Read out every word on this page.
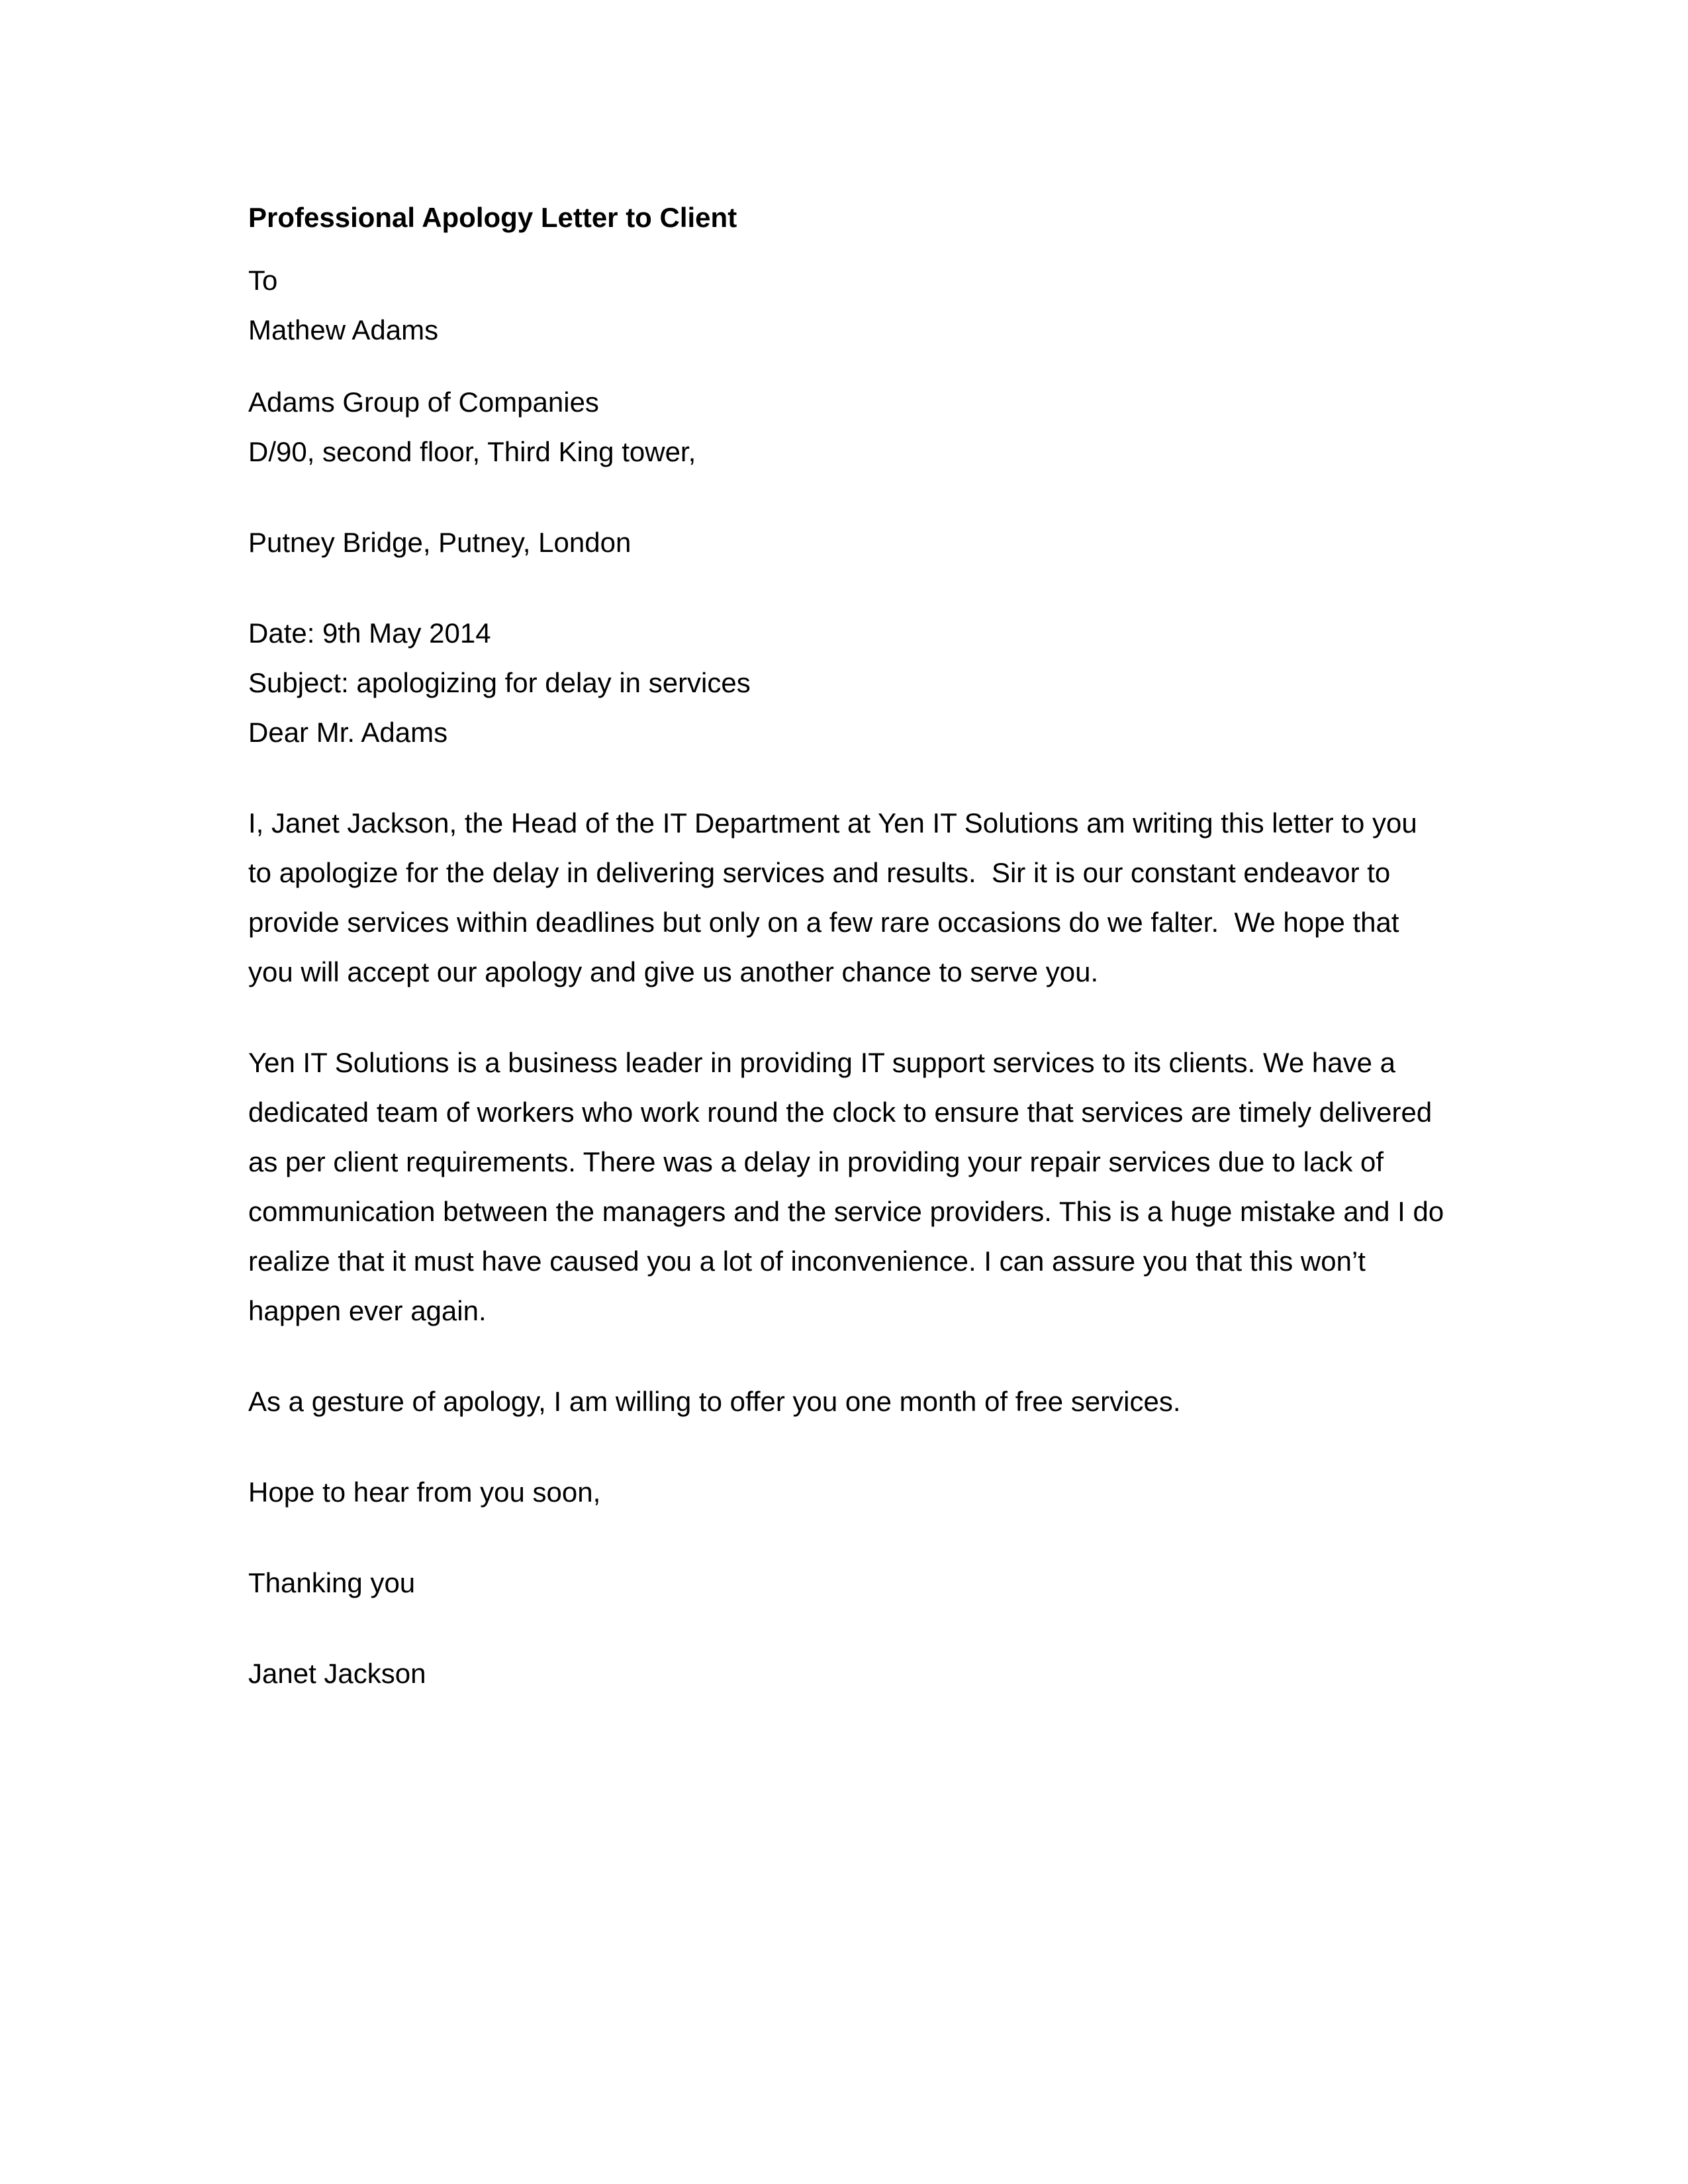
Professional Apology Letter to Client
To
Mathew Adams
Adams Group of Companies
D/90, second floor, Third King tower,
Putney Bridge, Putney, London
Date: 9th May 2014
Subject: apologizing for delay in services
Dear Mr. Adams
I, Janet Jackson, the Head of the IT Department at Yen IT Solutions am writing this letter to you
to apologize for the delay in delivering services and results.  Sir it is our constant endeavor to
provide services within deadlines but only on a few rare occasions do we falter.  We hope that
you will accept our apology and give us another chance to serve you.
Yen IT Solutions is a business leader in providing IT support services to its clients. We have a
dedicated team of workers who work round the clock to ensure that services are timely delivered
as per client requirements. There was a delay in providing your repair services due to lack of
communication between the managers and the service providers. This is a huge mistake and I do
realize that it must have caused you a lot of inconvenience. I can assure you that this won’t
happen ever again.
As a gesture of apology, I am willing to offer you one month of free services.
Hope to hear from you soon,
Thanking you
Janet Jackson
